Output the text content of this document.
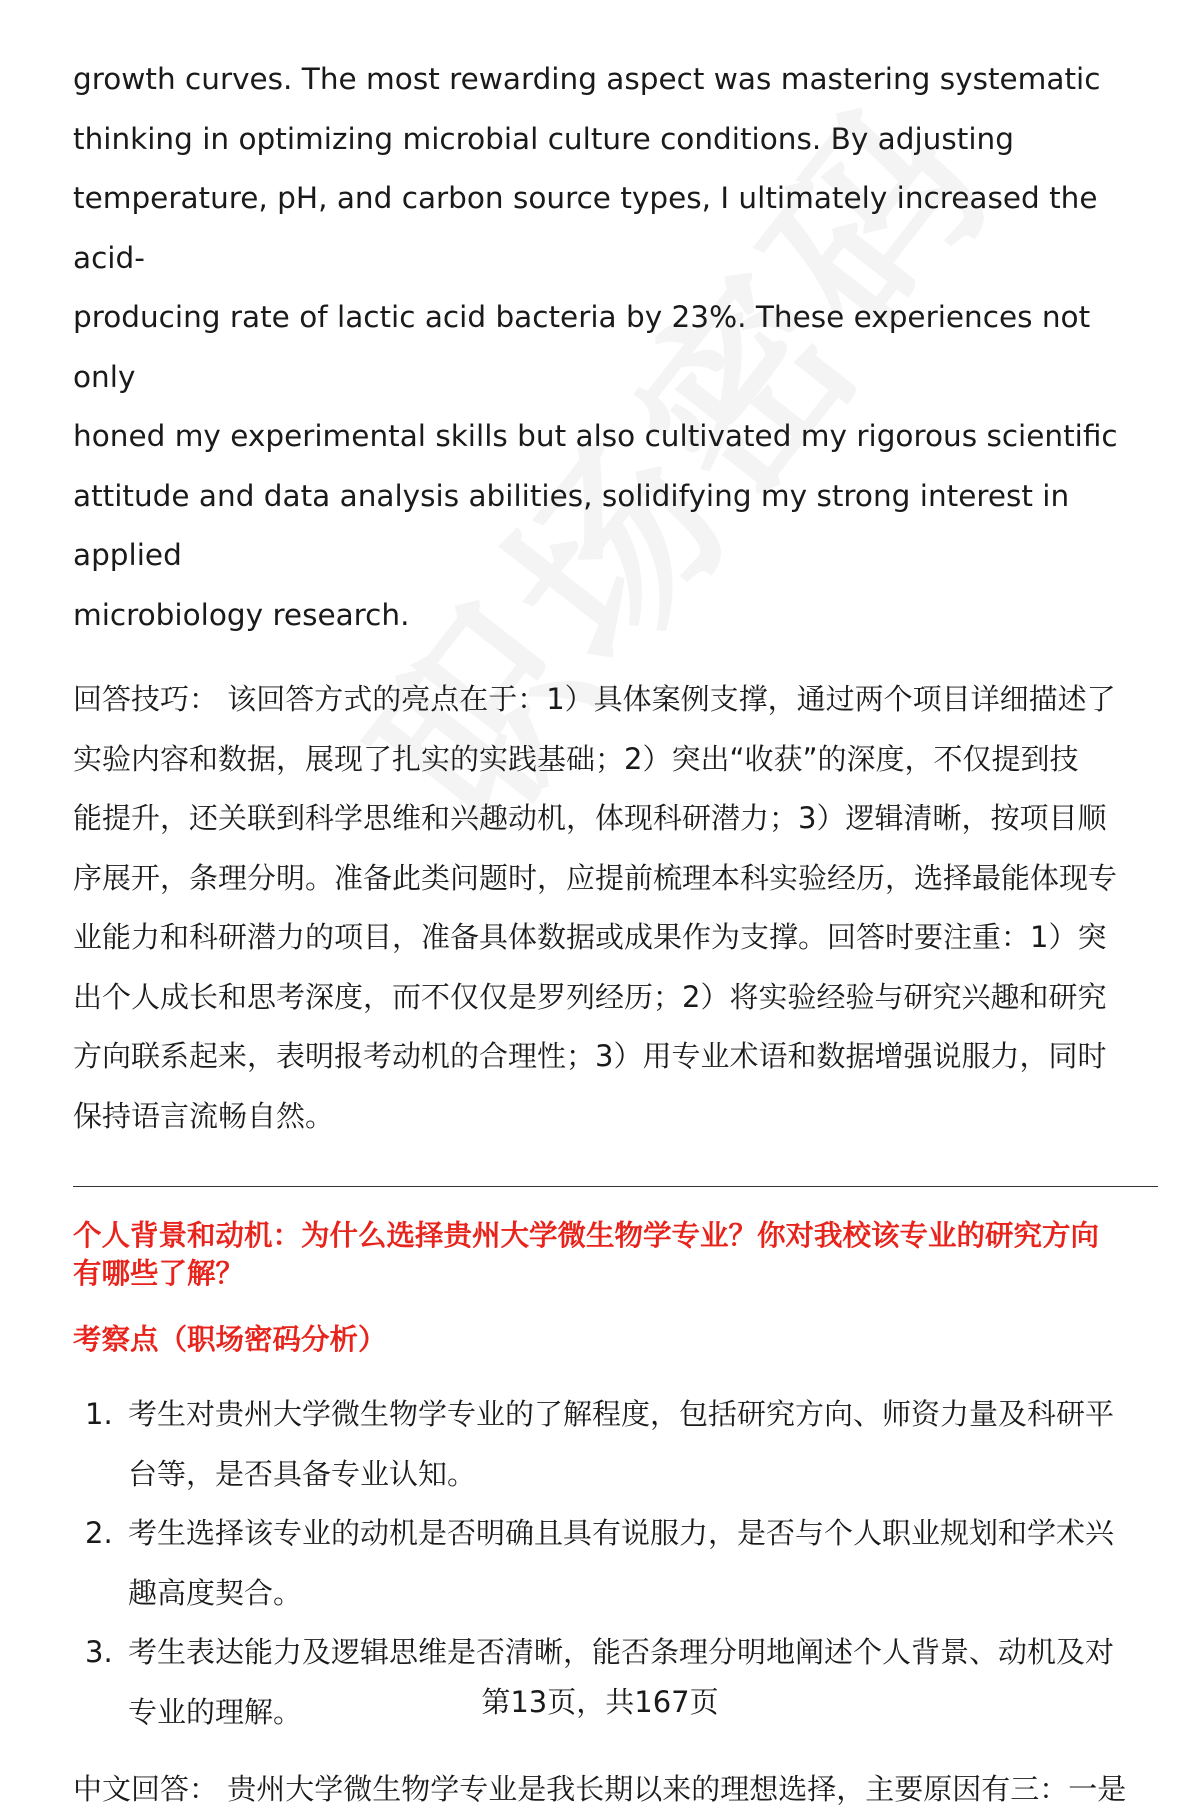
growth curves. The most rewarding aspect was mastering systematic
thinking in optimizing microbial culture conditions. By adjusting
temperature, pH, and carbon source types, I ultimately increased the acid-
producing rate of lactic acid bacteria by 23%. These experiences not only
honed my experimental skills but also cultivated my rigorous scientific
attitude and data analysis abilities, solidifying my strong interest in applied
microbiology research.
回答技巧： 该回答方式的亮点在于：1）具体案例支撑，通过两个项目详细描述了
实验内容和数据，展现了扎实的实践基础；2）突出“收获”的深度，不仅提到技
能提升，还关联到科学思维和兴趣动机，体现科研潜力；3）逻辑清晰，按项目顺
序展开，条理分明。准备此类问题时，应提前梳理本科实验经历，选择最能体现专
业能力和科研潜力的项目，准备具体数据或成果作为支撑。回答时要注重：1）突
出个人成长和思考深度，而不仅仅是罗列经历；2）将实验经验与研究兴趣和研究
方向联系起来，表明报考动机的合理性；3）用专业术语和数据增强说服力，同时
保持语言流畅自然。
个人背景和动机：为什么选择贵州大学微生物学专业？你对我校该专业的研究方向
有哪些了解？
考察点（职场密码分析）
1. 考生对贵州大学微生物学专业的了解程度，包括研究方向、师资力量及科研平
台等，是否具备专业认知。
2. 考生选择该专业的动机是否明确且具有说服力，是否与个人职业规划和学术兴
趣高度契合。
3. 考生表达能力及逻辑思维是否清晰，能否条理分明地阐述个人背景、动机及对
专业的理解。
中文回答： 贵州大学微生物学专业是我长期以来的理想选择，主要原因有三：一是
第13页，共167页
